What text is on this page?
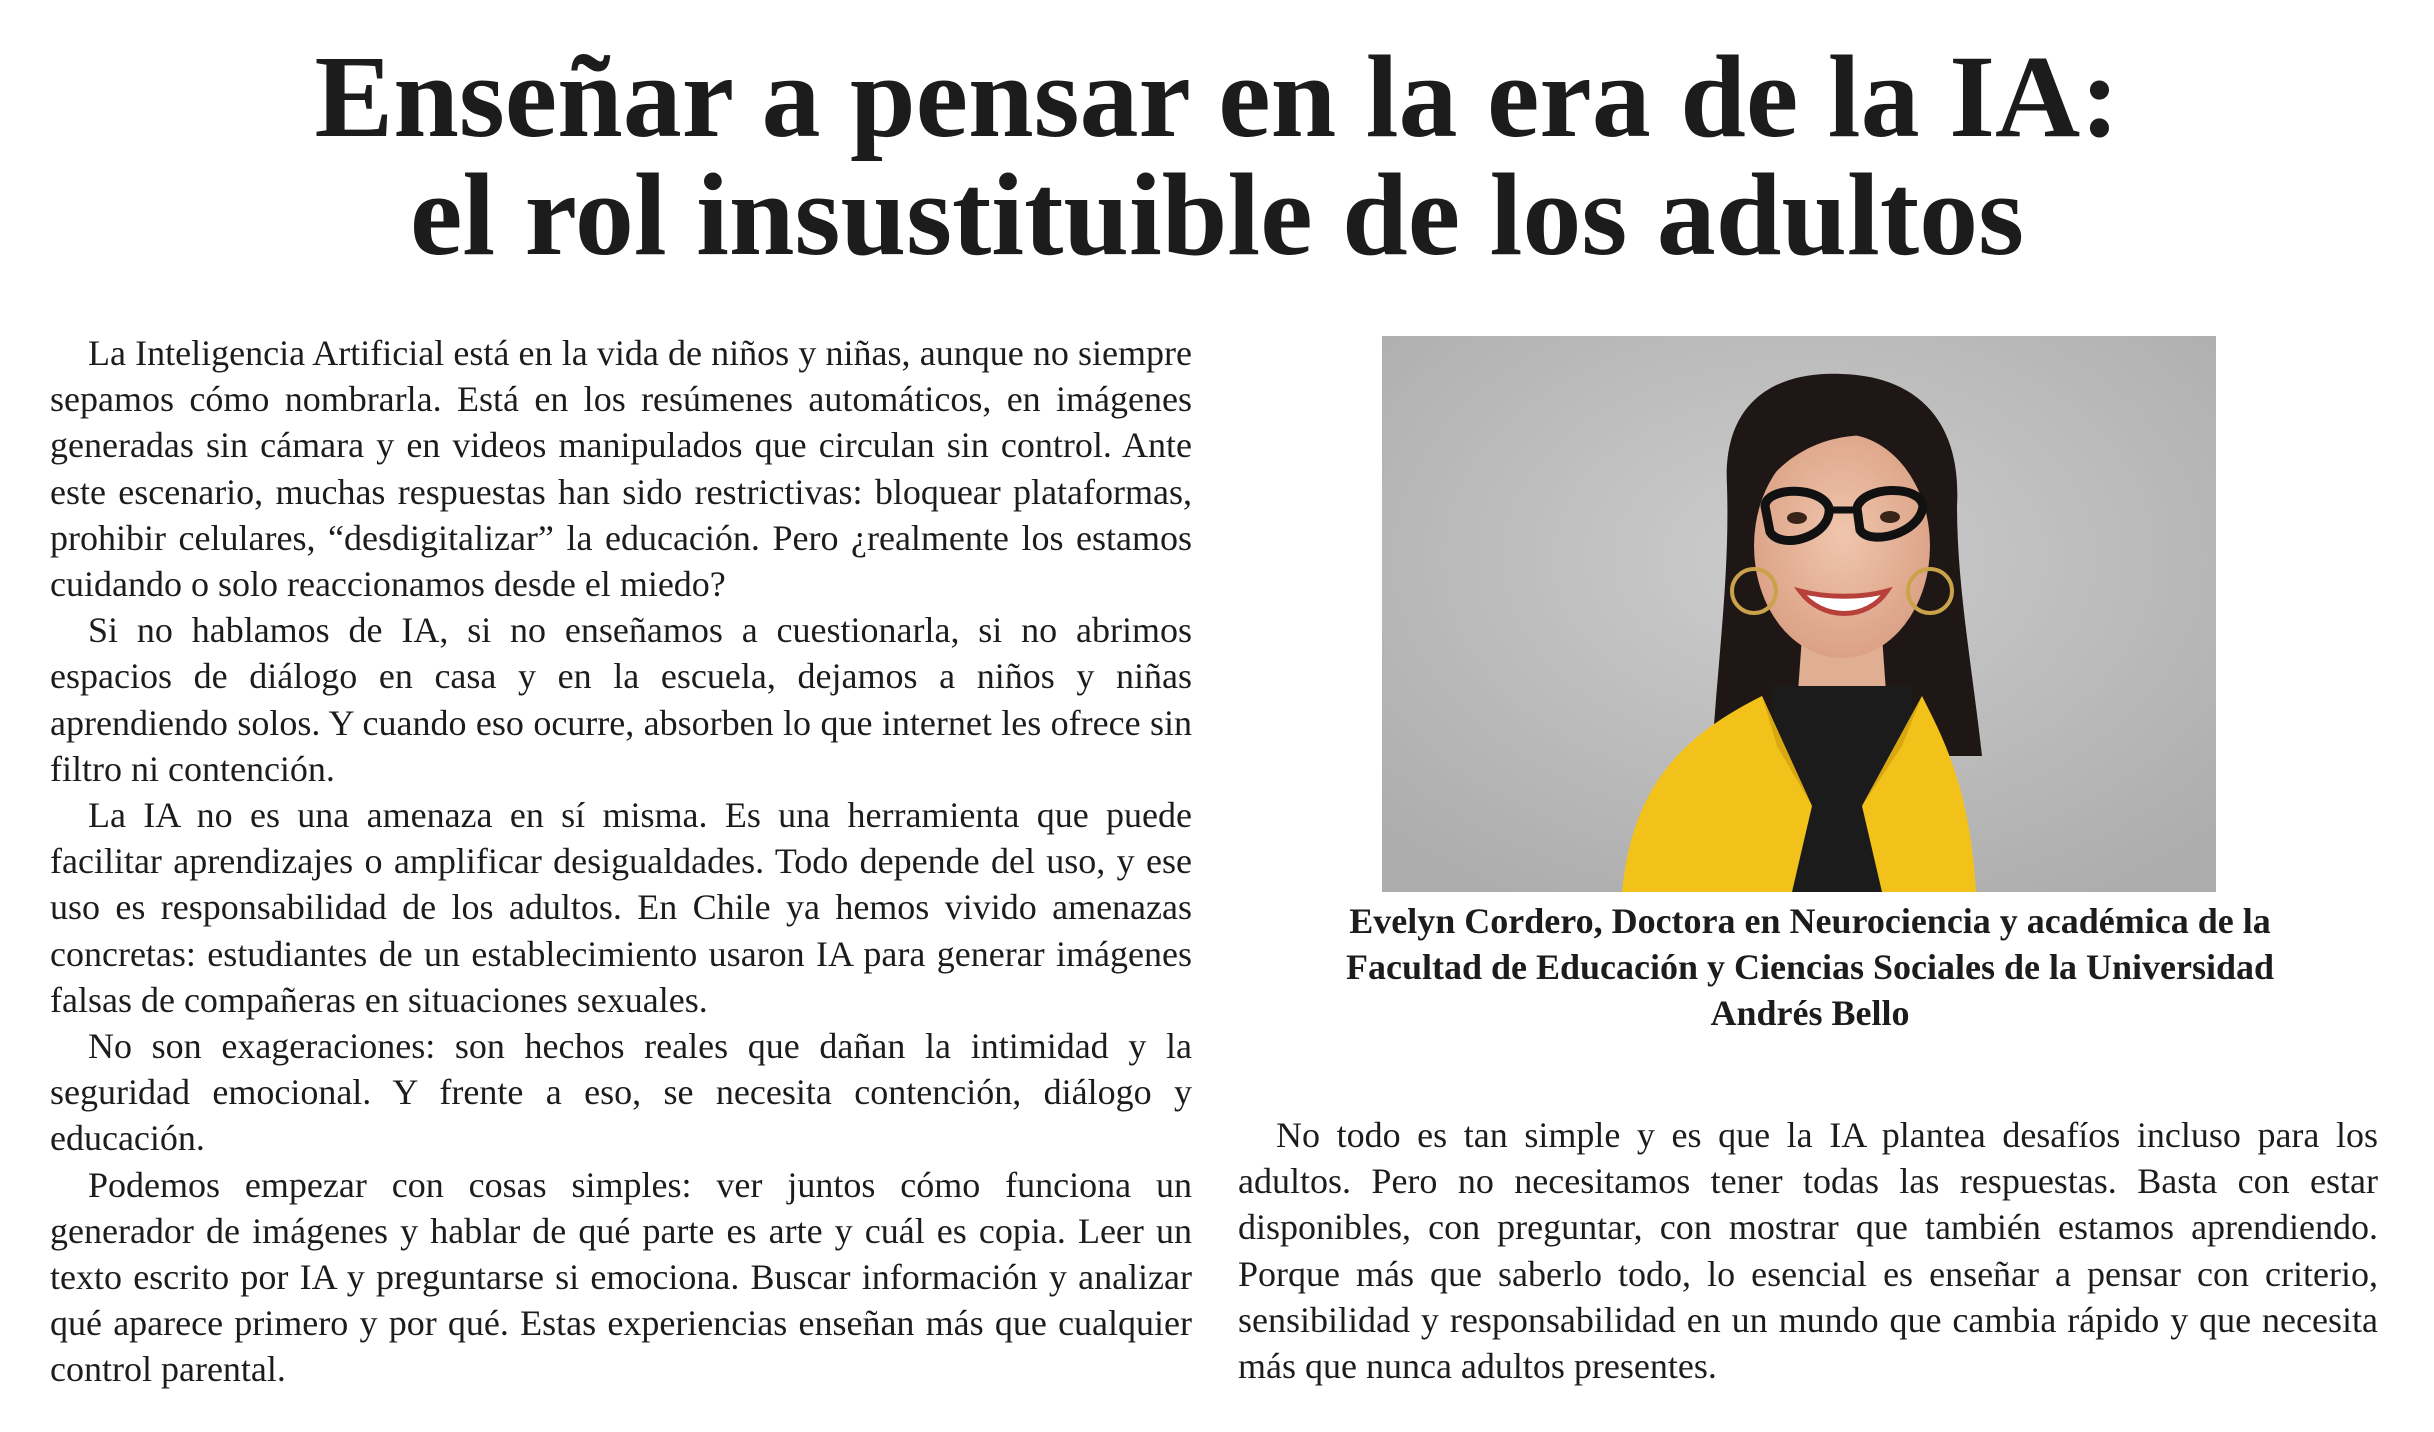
Enseñar a pensar en la era de la IA:
el rol insustituible de los adultos

La Inteligencia Artificial está en la vida de niños y niñas, aunque no siempre sepamos cómo nombrarla. Está en los resúmenes automáticos, en imágenes generadas sin cámara y en videos manipulados que circulan sin control. Ante este escenario, muchas respuestas han sido restrictivas: bloquear plataformas, prohibir celulares, “desdigitalizar” la educación. Pero ¿realmente los estamos cuidando o solo reaccionamos desde el miedo?

Si no hablamos de IA, si no enseñamos a cuestionarla, si no abrimos espacios de diálogo en casa y en la escuela, dejamos a niños y niñas aprendiendo solos. Y cuando eso ocurre, absorben lo que internet les ofrece sin filtro ni contención.

La IA no es una amenaza en sí misma. Es una herramienta que puede facilitar aprendizajes o amplificar desigualdades. Todo depende del uso, y ese uso es responsabilidad de los adultos. En Chile ya hemos vivido amenazas concretas: estudiantes de un establecimiento usaron IA para generar imágenes falsas de compañeras en situaciones sexuales.

No son exageraciones: son hechos reales que dañan la intimidad y la seguridad emocional. Y frente a eso, se necesita contención, diálogo y educación.

Podemos empezar con cosas simples: ver juntos cómo funciona un generador de imágenes y hablar de qué parte es arte y cuál es copia. Leer un texto escrito por IA y preguntarse si emociona. Buscar información y analizar qué aparece primero y por qué. Estas experiencias enseñan más que cualquier control parental.

Evelyn Cordero, Doctora en Neurociencia y académica de la
Facultad de Educación y Ciencias Sociales de la Universidad
Andrés Bello

No todo es tan simple y es que la IA plantea desafíos incluso para los adultos. Pero no necesitamos tener todas las respuestas. Basta con estar disponibles, con preguntar, con mostrar que también estamos aprendiendo. Porque más que saberlo todo, lo esencial es enseñar a pensar con criterio, sensibilidad y responsabilidad en un mundo que cambia rápido y que necesita más que nunca adultos presentes.
